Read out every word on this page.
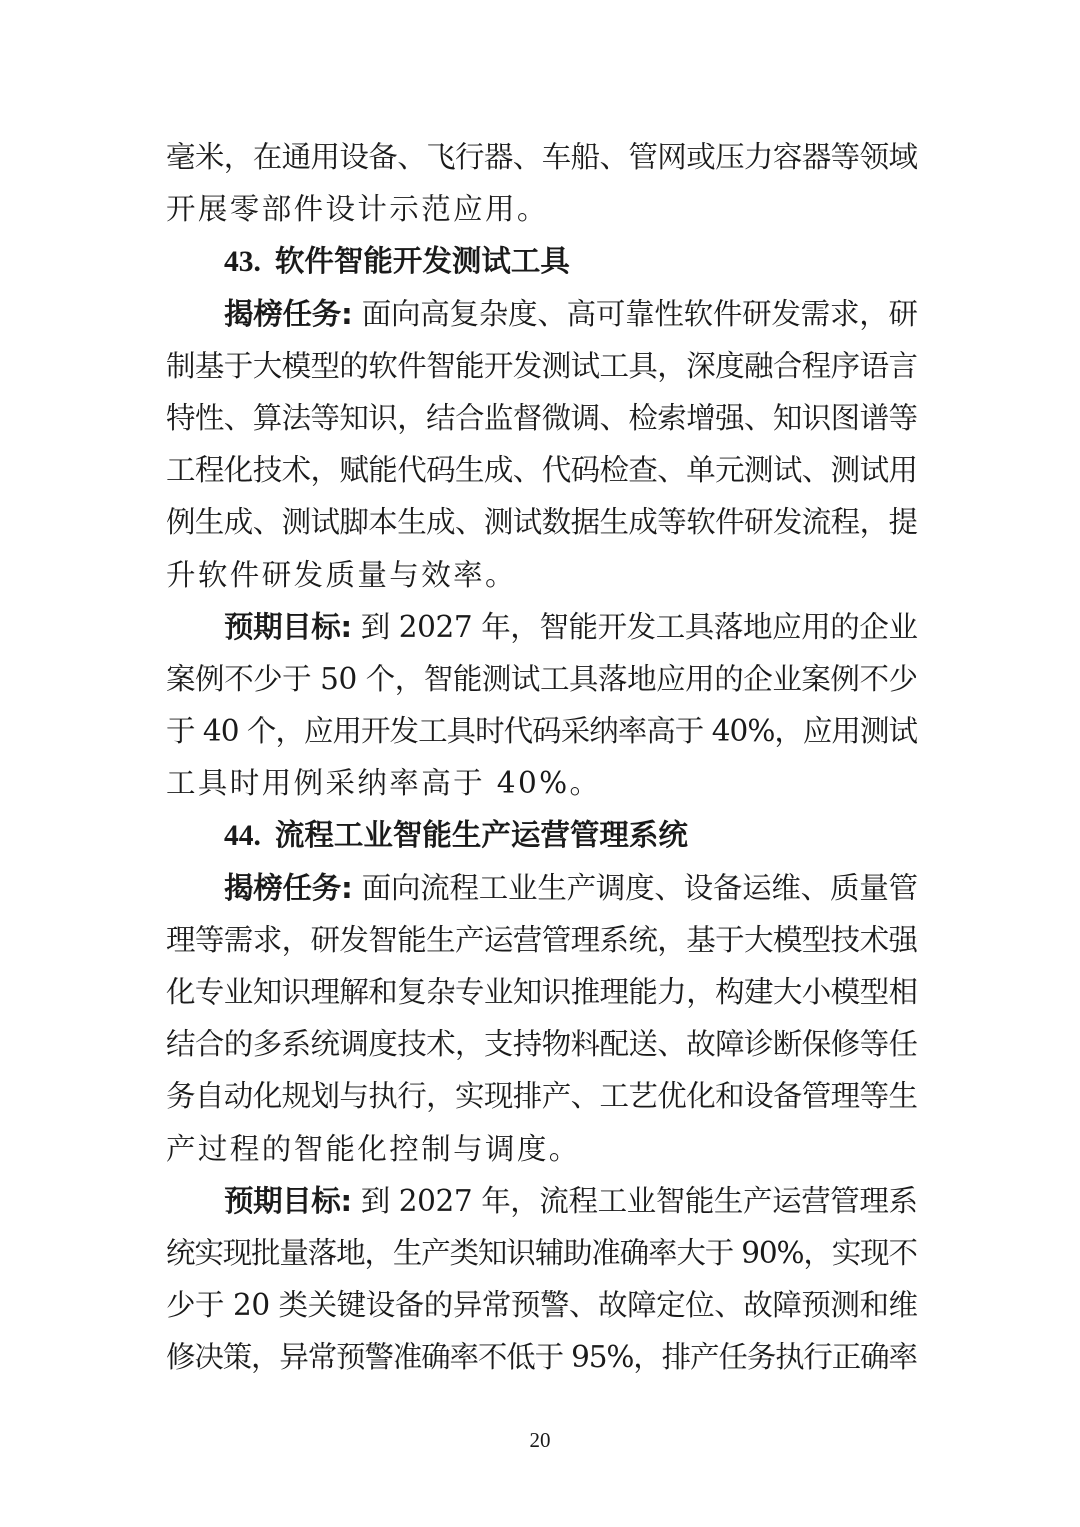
毫米，在通用设备、飞行器、车船、管网或压力容器等领域
开展零部件设计示范应用。
43. 软件智能开发测试工具
揭榜任务: 面向高复杂度、高可靠性软件研发需求，研
制基于大模型的软件智能开发测试工具，深度融合程序语言
特性、算法等知识，结合监督微调、检索增强、知识图谱等
工程化技术，赋能代码生成、代码检查、单元测试、测试用
例生成、测试脚本生成、测试数据生成等软件研发流程，提
升软件研发质量与效率。
预期目标: 到 2027 年，智能开发工具落地应用的企业
案例不少于 50 个，智能测试工具落地应用的企业案例不少
于 40 个，应用开发工具时代码采纳率高于 40%，应用测试
工具时用例采纳率高于 40%。
44. 流程工业智能生产运营管理系统
揭榜任务: 面向流程工业生产调度、设备运维、质量管
理等需求，研发智能生产运营管理系统，基于大模型技术强
化专业知识理解和复杂专业知识推理能力，构建大小模型相
结合的多系统调度技术，支持物料配送、故障诊断保修等任
务自动化规划与执行，实现排产、工艺优化和设备管理等生
产过程的智能化控制与调度。
预期目标: 到 2027 年，流程工业智能生产运营管理系
统实现批量落地，生产类知识辅助准确率大于 90%，实现不
少于 20 类关键设备的异常预警、故障定位、故障预测和维
修决策，异常预警准确率不低于 95%，排产任务执行正确率
20
